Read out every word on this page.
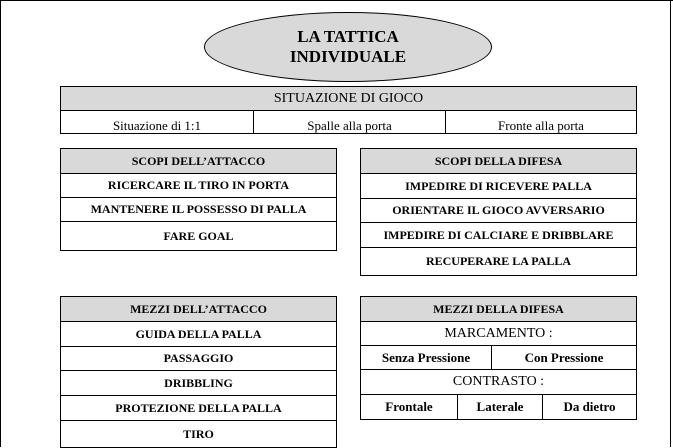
LA TATTICA
INDIVIDUALE
SITUAZIONE DI GIOCO
Situazione di 1:1	Spalle alla porta	Fronte alla porta
SCOPI DELL’ATTACCO
RICERCARE IL TIRO IN PORTA
MANTENERE IL POSSESSO DI PALLA
FARE GOAL
SCOPI DELLA DIFESA
IMPEDIRE DI RICEVERE PALLA
ORIENTARE IL GIOCO AVVERSARIO
IMPEDIRE DI CALCIARE E DRIBBLARE
RECUPERARE LA PALLA
MEZZI DELL’ATTACCO
GUIDA DELLA PALLA
PASSAGGIO
DRIBBLING
PROTEZIONE DELLA PALLA
TIRO
MEZZI DELLA DIFESA
MARCAMENTO :
Senza Pressione	Con Pressione
CONTRASTO :
Frontale	Laterale	Da dietro
